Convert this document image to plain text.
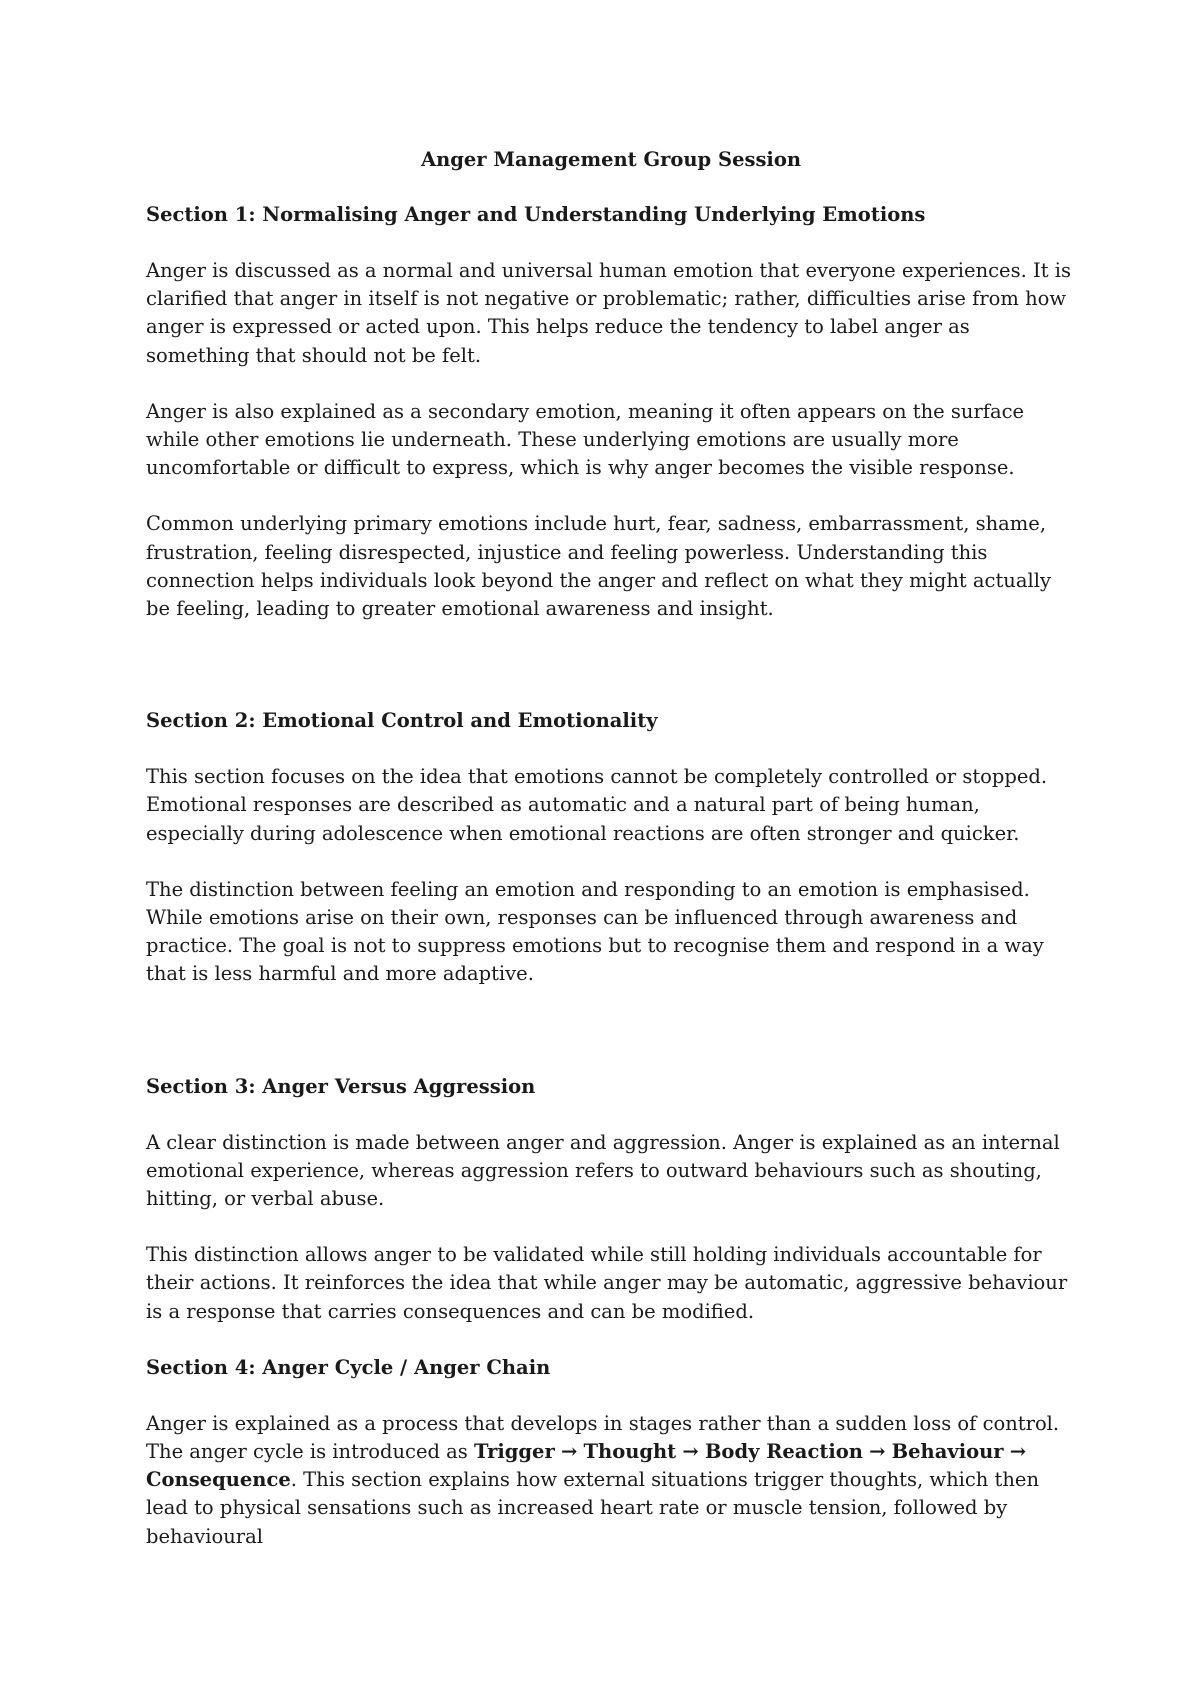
Anger Management Group Session
Section 1: Normalising Anger and Understanding Underlying Emotions

Anger is discussed as a normal and universal human emotion that everyone experiences. It is clarified that anger in itself is not negative or problematic; rather, difficulties arise from how anger is expressed or acted upon. This helps reduce the tendency to label anger as something that should not be felt.

Anger is also explained as a secondary emotion, meaning it often appears on the surface while other emotions lie underneath. These underlying emotions are usually more uncomfortable or difficult to express, which is why anger becomes the visible response.

Common underlying primary emotions include hurt, fear, sadness, embarrassment, shame, frustration, feeling disrespected, injustice and feeling powerless. Understanding this connection helps individuals look beyond the anger and reflect on what they might actually be feeling, leading to greater emotional awareness and insight.

Section 2: Emotional Control and Emotionality

This section focuses on the idea that emotions cannot be completely controlled or stopped. Emotional responses are described as automatic and a natural part of being human, especially during adolescence when emotional reactions are often stronger and quicker.

The distinction between feeling an emotion and responding to an emotion is emphasised. While emotions arise on their own, responses can be influenced through awareness and practice. The goal is not to suppress emotions but to recognise them and respond in a way that is less harmful and more adaptive.

Section 3: Anger Versus Aggression

A clear distinction is made between anger and aggression. Anger is explained as an internal emotional experience, whereas aggression refers to outward behaviours such as shouting, hitting, or verbal abuse.

This distinction allows anger to be validated while still holding individuals accountable for their actions. It reinforces the idea that while anger may be automatic, aggressive behaviour is a response that carries consequences and can be modified.

Section 4: Anger Cycle / Anger Chain

Anger is explained as a process that develops in stages rather than a sudden loss of control. The anger cycle is introduced as Trigger → Thought → Body Reaction → Behaviour → Consequence. This section explains how external situations trigger thoughts, which then lead to physical sensations such as increased heart rate or muscle tension, followed by behavioural
